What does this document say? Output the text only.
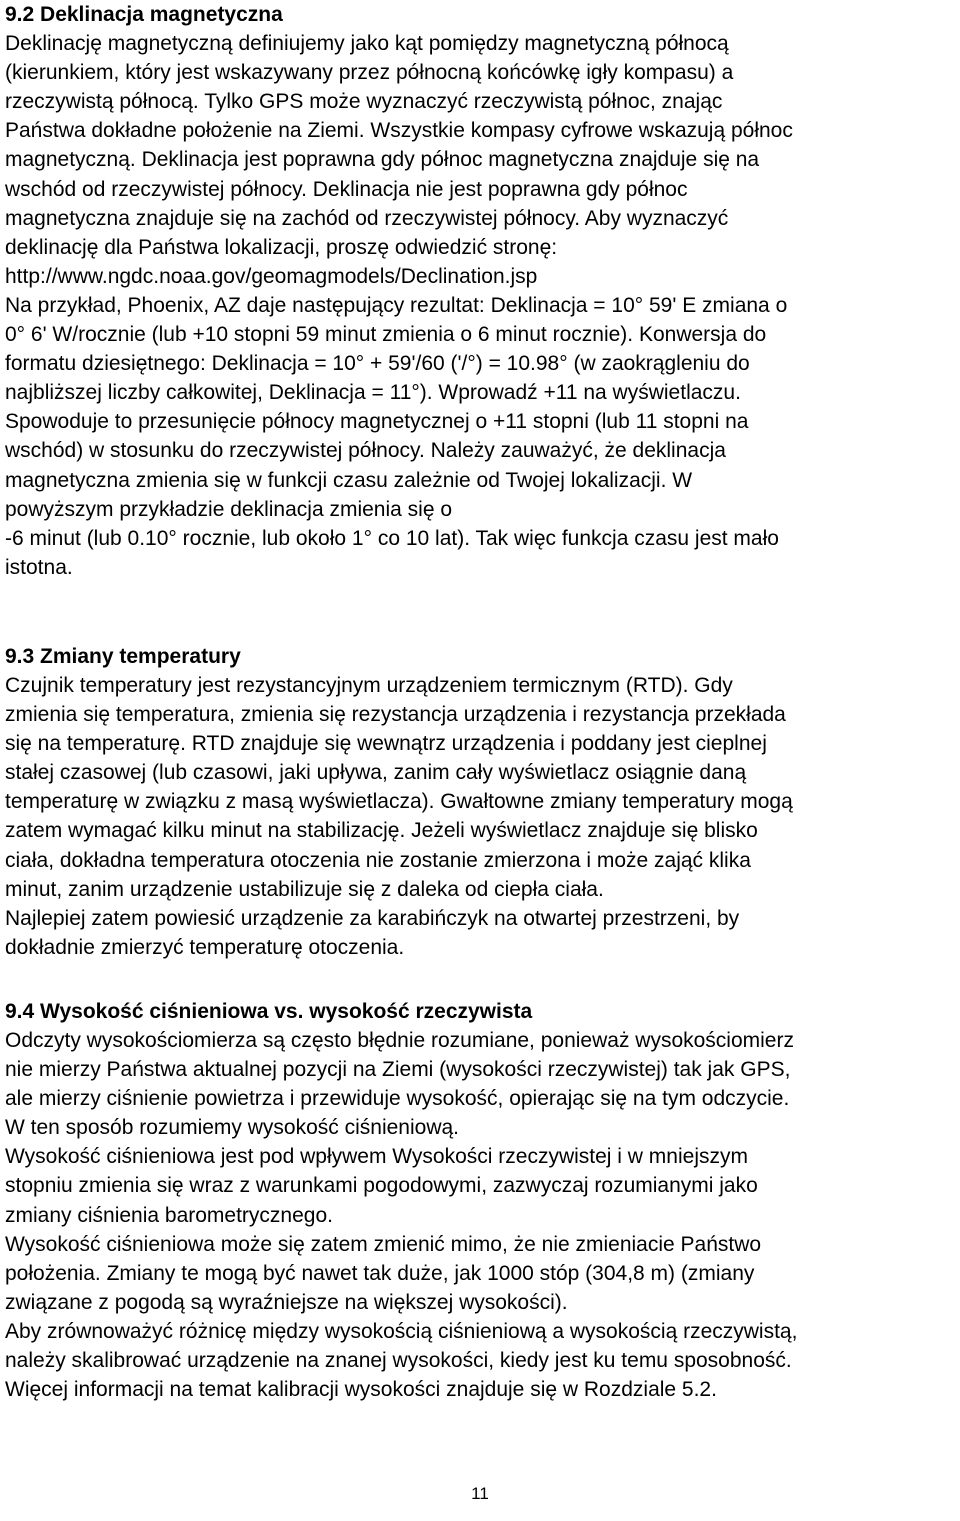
9.2 Deklinacja magnetyczna

Deklinację magnetyczną definiujemy jako kąt pomiędzy magnetyczną północą
(kierunkiem, który jest wskazywany przez północną końcówkę igły kompasu) a
rzeczywistą północą. Tylko GPS może wyznaczyć rzeczywistą północ, znając
Państwa dokładne położenie na Ziemi. Wszystkie kompasy cyfrowe wskazują północ
magnetyczną. Deklinacja jest poprawna gdy północ magnetyczna znajduje się na
wschód od rzeczywistej północy. Deklinacja nie jest poprawna gdy północ
magnetyczna znajduje się na zachód od rzeczywistej północy. Aby wyznaczyć
deklinację dla Państwa lokalizacji, proszę odwiedzić stronę:
http://www.ngdc.noaa.gov/geomagmodels/Declination.jsp
Na przykład, Phoenix, AZ daje następujący rezultat: Deklinacja = 10° 59' E zmiana o
0° 6' W/rocznie (lub +10 stopni 59 minut zmienia o 6 minut rocznie). Konwersja do
formatu dziesiętnego: Deklinacja = 10° + 59'/60 ('/°) = 10.98° (w zaokrągleniu do
najbliższej liczby całkowitej, Deklinacja = 11°). Wprowadź +11 na wyświetlaczu.
Spowoduje to przesunięcie północy magnetycznej o +11 stopni (lub 11 stopni na
wschód) w stosunku do rzeczywistej północy. Należy zauważyć, że deklinacja
magnetyczna zmienia się w funkcji czasu zależnie od Twojej lokalizacji. W
powyższym przykładzie deklinacja zmienia się o
-6 minut (lub 0.10° rocznie, lub około 1° co 10 lat). Tak więc funkcja czasu jest mało
istotna.

9.3 Zmiany temperatury

Czujnik temperatury jest rezystancyjnym urządzeniem termicznym (RTD). Gdy
zmienia się temperatura, zmienia się rezystancja urządzenia i rezystancja przekłada
się na temperaturę. RTD znajduje się wewnątrz urządzenia i poddany jest cieplnej
stałej czasowej (lub czasowi, jaki upływa, zanim cały wyświetlacz osiągnie daną
temperaturę w związku z masą wyświetlacza). Gwałtowne zmiany temperatury mogą
zatem wymagać kilku minut na stabilizację. Jeżeli wyświetlacz znajduje się blisko
ciała, dokładna temperatura otoczenia nie zostanie zmierzona i może zająć klika
minut, zanim urządzenie ustabilizuje się z daleka od ciepła ciała.
Najlepiej zatem powiesić urządzenie za karabińczyk na otwartej przestrzeni, by
dokładnie zmierzyć temperaturę otoczenia.

9.4 Wysokość ciśnieniowa vs. wysokość rzeczywista

Odczyty wysokościomierza są często błędnie rozumiane, ponieważ wysokościomierz
nie mierzy Państwa aktualnej pozycji na Ziemi (wysokości rzeczywistej) tak jak GPS,
ale mierzy ciśnienie powietrza i przewiduje wysokość, opierając się na tym odczycie.
W ten sposób rozumiemy wysokość ciśnieniową.
Wysokość ciśnieniowa jest pod wpływem Wysokości rzeczywistej i w mniejszym
stopniu zmienia się wraz z warunkami pogodowymi, zazwyczaj rozumianymi jako
zmiany ciśnienia barometrycznego.
Wysokość ciśnieniowa może się zatem zmienić mimo, że nie zmieniacie Państwo
położenia. Zmiany te mogą być nawet tak duże, jak 1000 stóp (304,8 m) (zmiany
związane z pogodą są wyraźniejsze na większej wysokości).
Aby zrównoważyć różnicę między wysokością ciśnieniową a wysokością rzeczywistą,
należy skalibrować urządzenie na znanej wysokości, kiedy jest ku temu sposobność.
Więcej informacji na temat kalibracji wysokości znajduje się w Rozdziale 5.2.
11
